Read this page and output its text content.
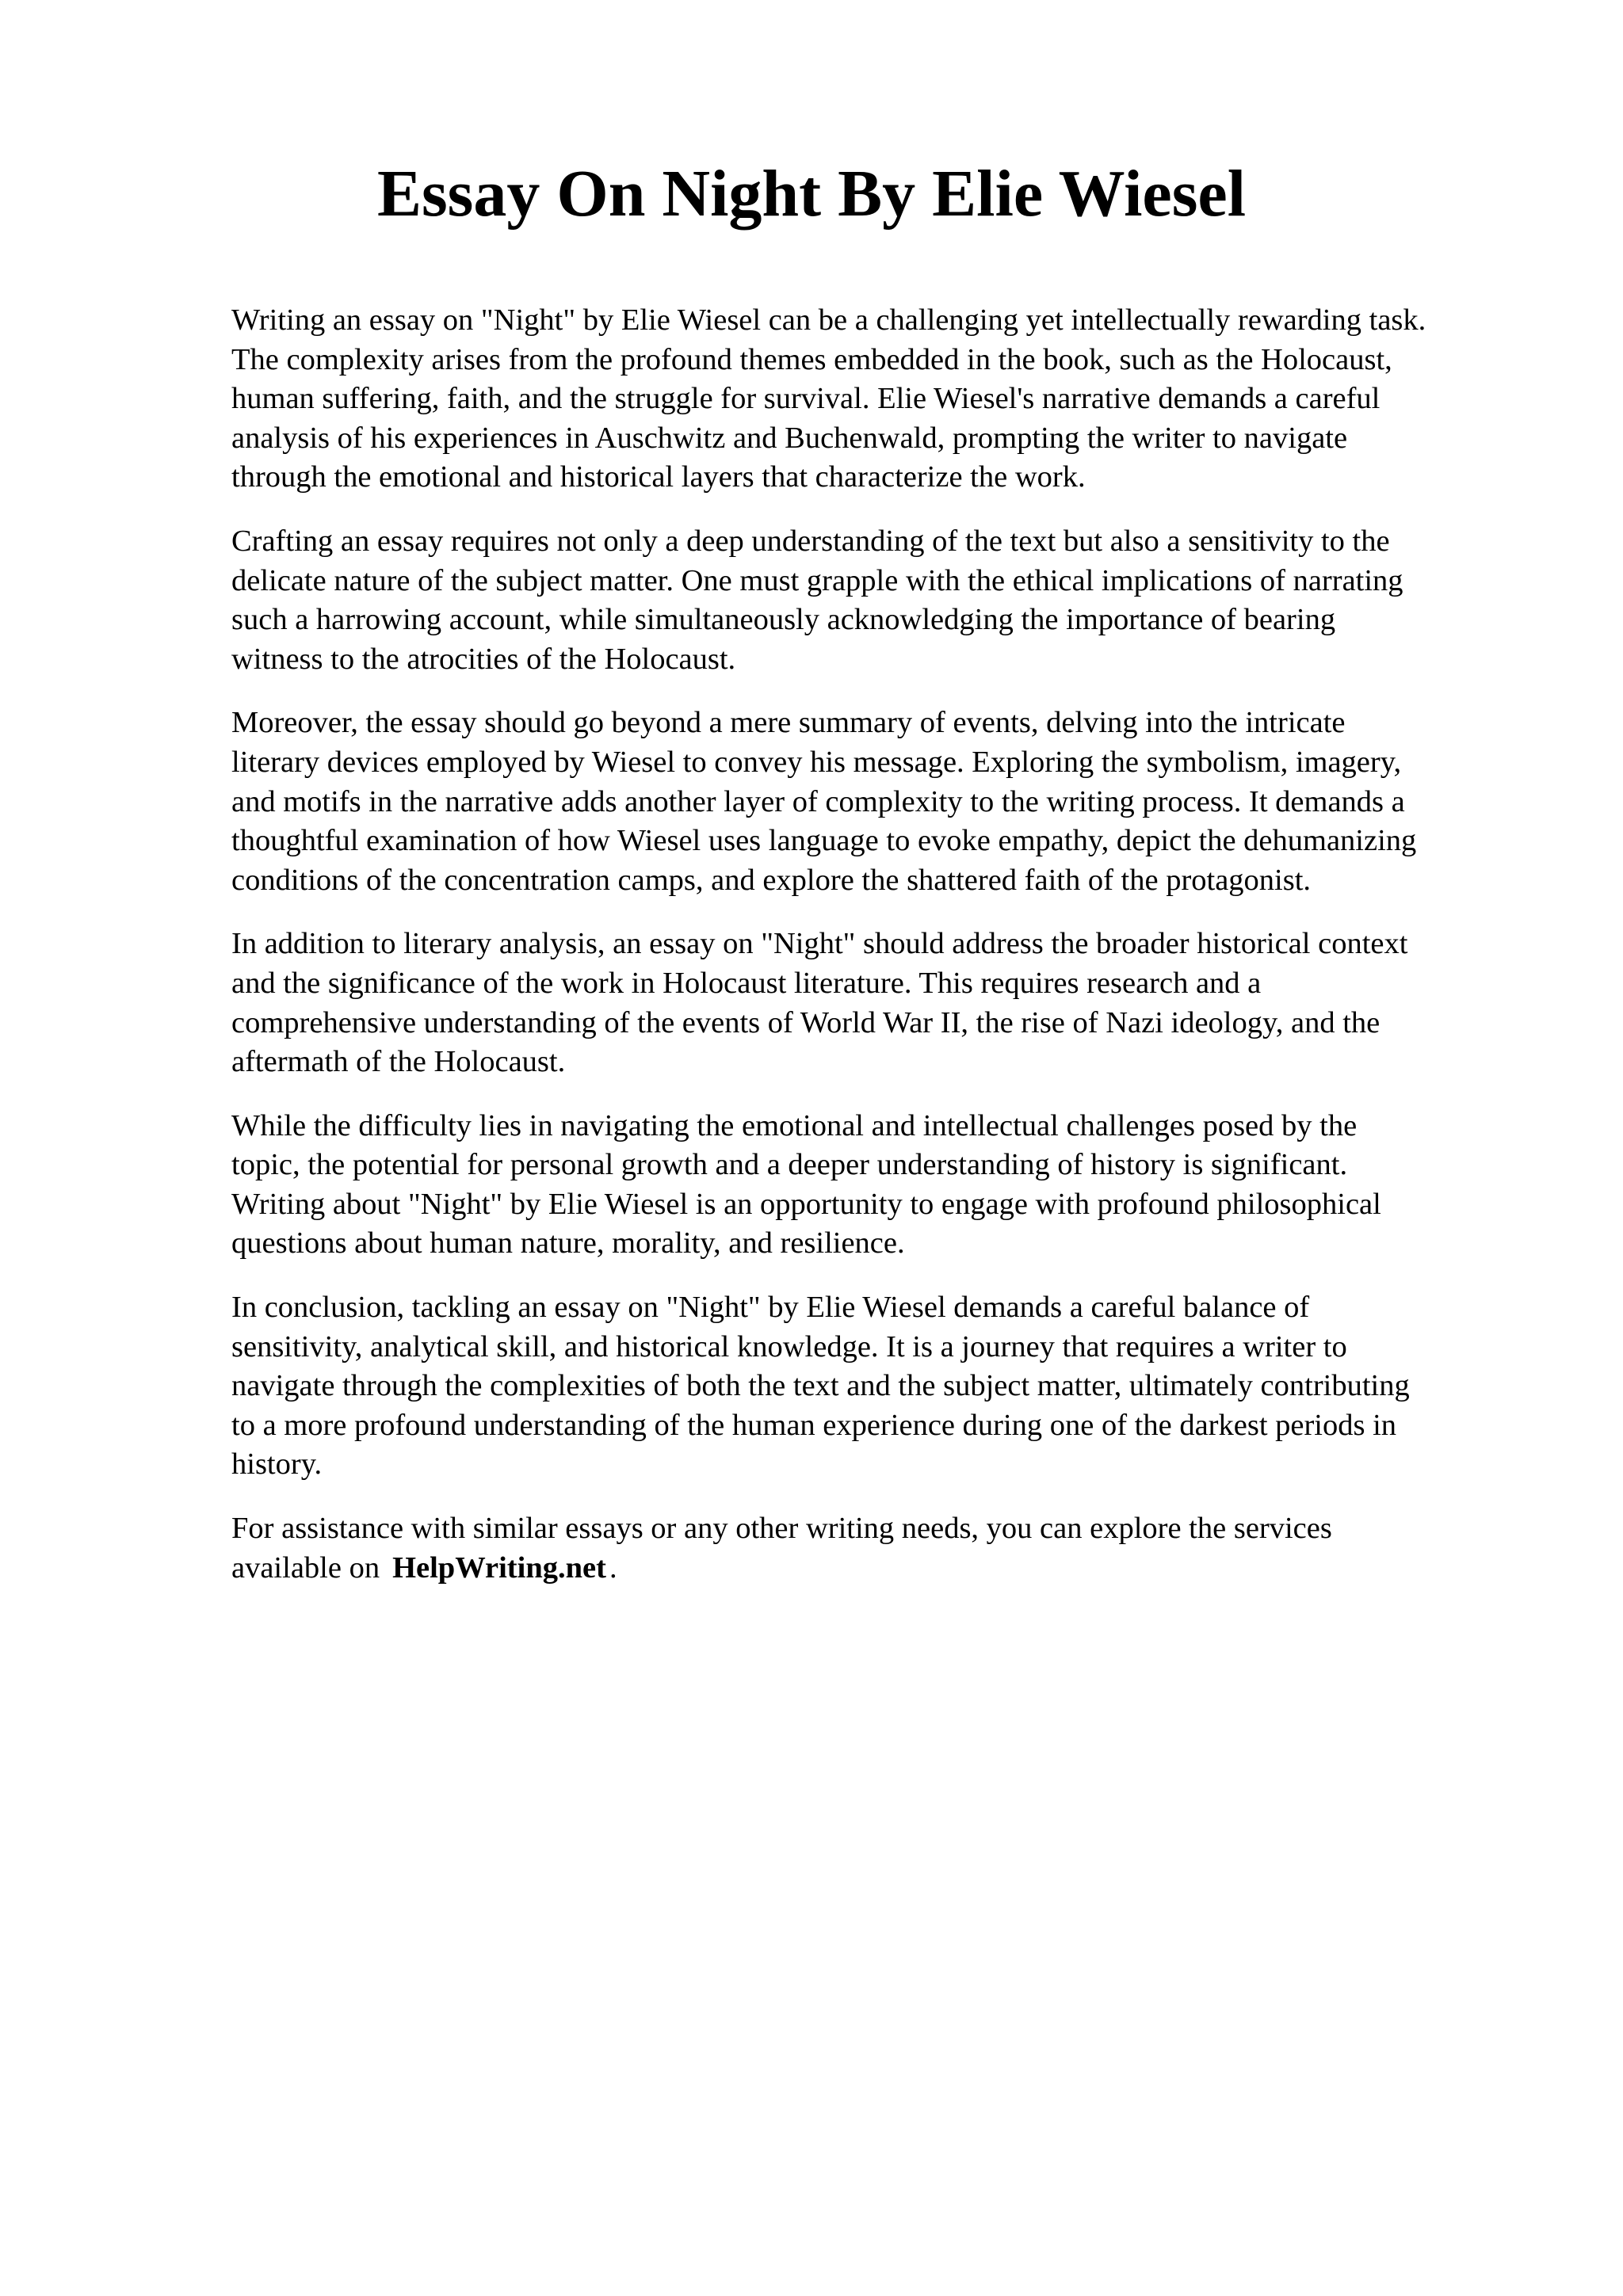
Essay On Night By Elie Wiesel

Writing an essay on "Night" by Elie Wiesel can be a challenging yet intellectually rewarding task.
The complexity arises from the profound themes embedded in the book, such as the Holocaust,
human suffering, faith, and the struggle for survival. Elie Wiesel's narrative demands a careful
analysis of his experiences in Auschwitz and Buchenwald, prompting the writer to navigate
through the emotional and historical layers that characterize the work.

Crafting an essay requires not only a deep understanding of the text but also a sensitivity to the
delicate nature of the subject matter. One must grapple with the ethical implications of narrating
such a harrowing account, while simultaneously acknowledging the importance of bearing
witness to the atrocities of the Holocaust.

Moreover, the essay should go beyond a mere summary of events, delving into the intricate
literary devices employed by Wiesel to convey his message. Exploring the symbolism, imagery,
and motifs in the narrative adds another layer of complexity to the writing process. It demands a
thoughtful examination of how Wiesel uses language to evoke empathy, depict the dehumanizing
conditions of the concentration camps, and explore the shattered faith of the protagonist.

In addition to literary analysis, an essay on "Night" should address the broader historical context
and the significance of the work in Holocaust literature. This requires research and a
comprehensive understanding of the events of World War II, the rise of Nazi ideology, and the
aftermath of the Holocaust.

While the difficulty lies in navigating the emotional and intellectual challenges posed by the
topic, the potential for personal growth and a deeper understanding of history is significant.
Writing about "Night" by Elie Wiesel is an opportunity to engage with profound philosophical
questions about human nature, morality, and resilience.

In conclusion, tackling an essay on "Night" by Elie Wiesel demands a careful balance of
sensitivity, analytical skill, and historical knowledge. It is a journey that requires a writer to
navigate through the complexities of both the text and the subject matter, ultimately contributing
to a more profound understanding of the human experience during one of the darkest periods in
history.

For assistance with similar essays or any other writing needs, you can explore the services
available on HelpWriting.net .
